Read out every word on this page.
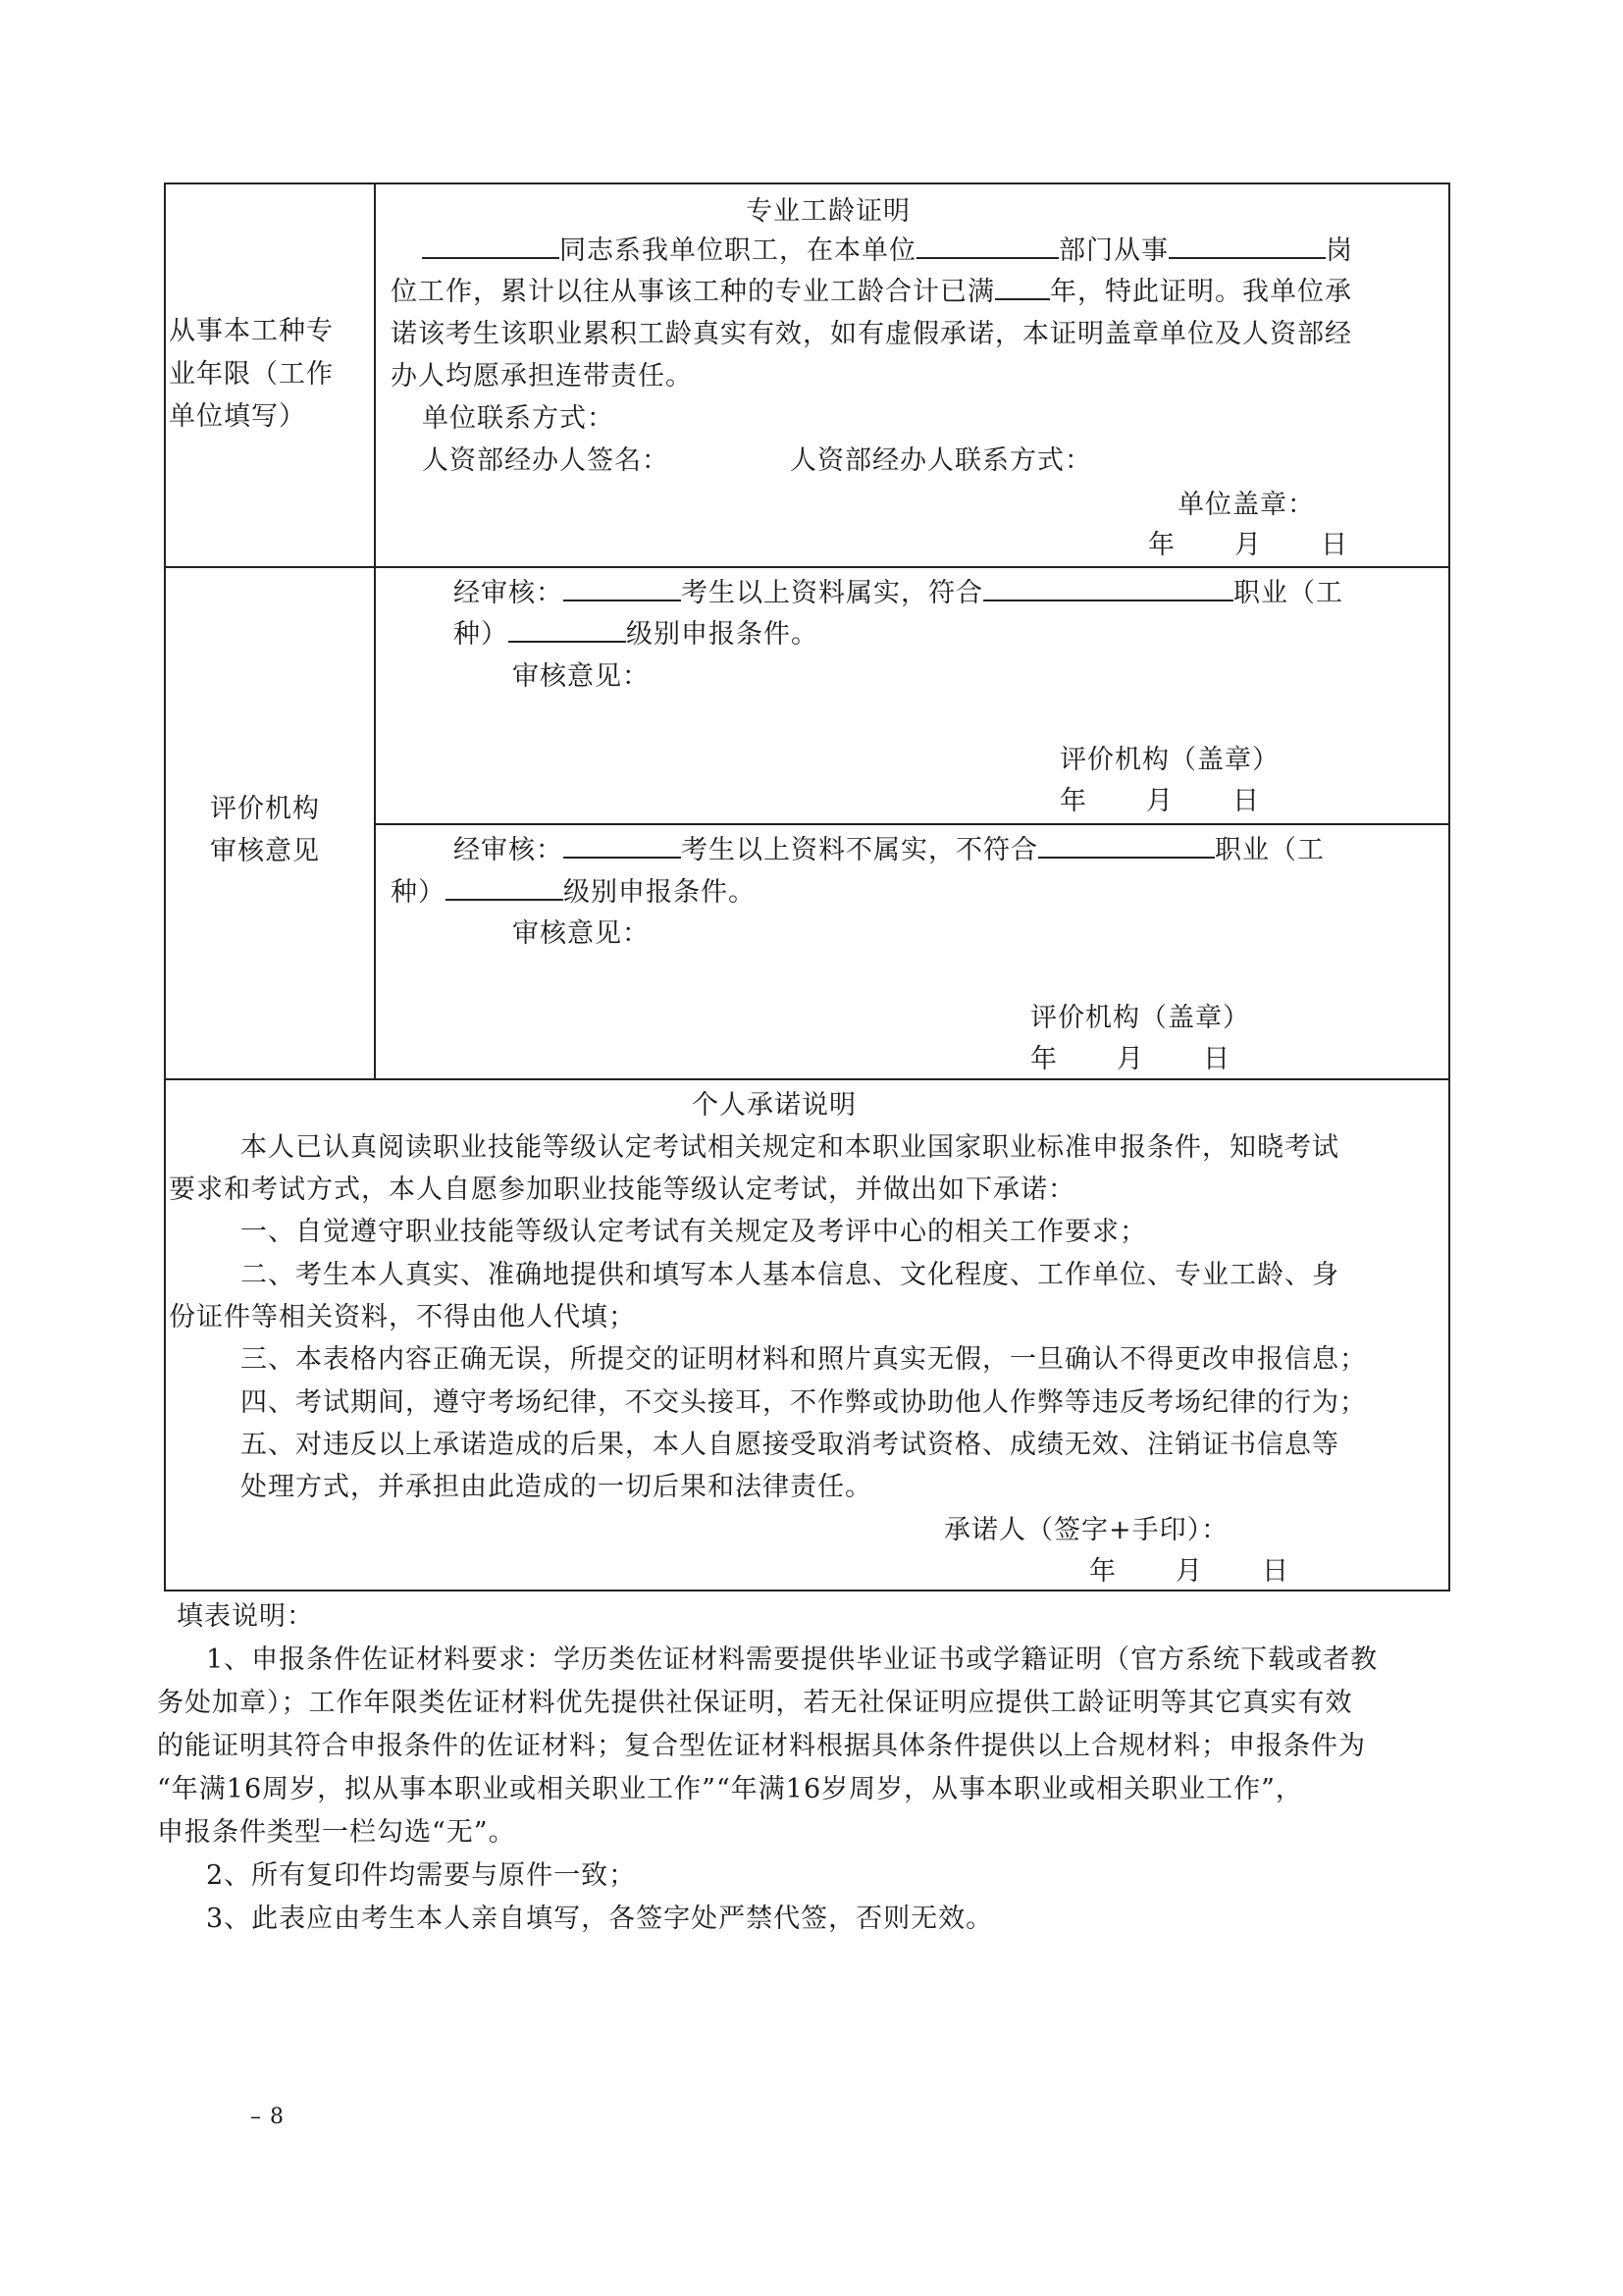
从事本工种专
业年限（工作
单位填写）
专业工龄证明
同志系我单位职工，在本单位	部门从事	岗
位工作，累计以往从事该工种的专业工龄合计已满 年，特此证明。我单位承
诺该考生该职业累积工龄真实有效，如有虚假承诺，本证明盖章单位及人资部经
办人均愿承担连带责任。
单位联系方式：
人资部经办人签名：	人资部经办人联系方式：
单位盖章：
年 月 日
评价机构
审核意见
经审核：	考生以上资料属实，符合	职业（工
种）	级别申报条件。
审核意见：
评价机构（盖章）
年 月 日
经审核：	考生以上资料不属实，不符合	职业（工
种）	级别申报条件。
审核意见：
评价机构（盖章）
年 月 日
个人承诺说明
本人已认真阅读职业技能等级认定考试相关规定和本职业国家职业标准申报条件，知晓考试
要求和考试方式，本人自愿参加职业技能等级认定考试，并做出如下承诺：
一、自觉遵守职业技能等级认定考试有关规定及考评中心的相关工作要求；
二、考生本人真实、准确地提供和填写本人基本信息、文化程度、工作单位、专业工龄、身
份证件等相关资料，不得由他人代填；
三、本表格内容正确无误，所提交的证明材料和照片真实无假，一旦确认不得更改申报信息；
四、考试期间，遵守考场纪律，不交头接耳，不作弊或协助他人作弊等违反考场纪律的行为；
五、对违反以上承诺造成的后果，本人自愿接受取消考试资格、成绩无效、注销证书信息等
处理方式，并承担由此造成的一切后果和法律责任。
承诺人（签字+手印）：
年 月 日
填表说明：
1、申报条件佐证材料要求：学历类佐证材料需要提供毕业证书或学籍证明（官方系统下载或者教
务处加章）；工作年限类佐证材料优先提供社保证明，若无社保证明应提供工龄证明等其它真实有效
的能证明其符合申报条件的佐证材料；复合型佐证材料根据具体条件提供以上合规材料；申报条件为
“年满16周岁，拟从事本职业或相关职业工作”“年满16岁周岁，从事本职业或相关职业工作”，
申报条件类型一栏勾选“无”。
2、所有复印件均需要与原件一致；
3、此表应由考生本人亲自填写，各签字处严禁代签，否则无效。
– 8
